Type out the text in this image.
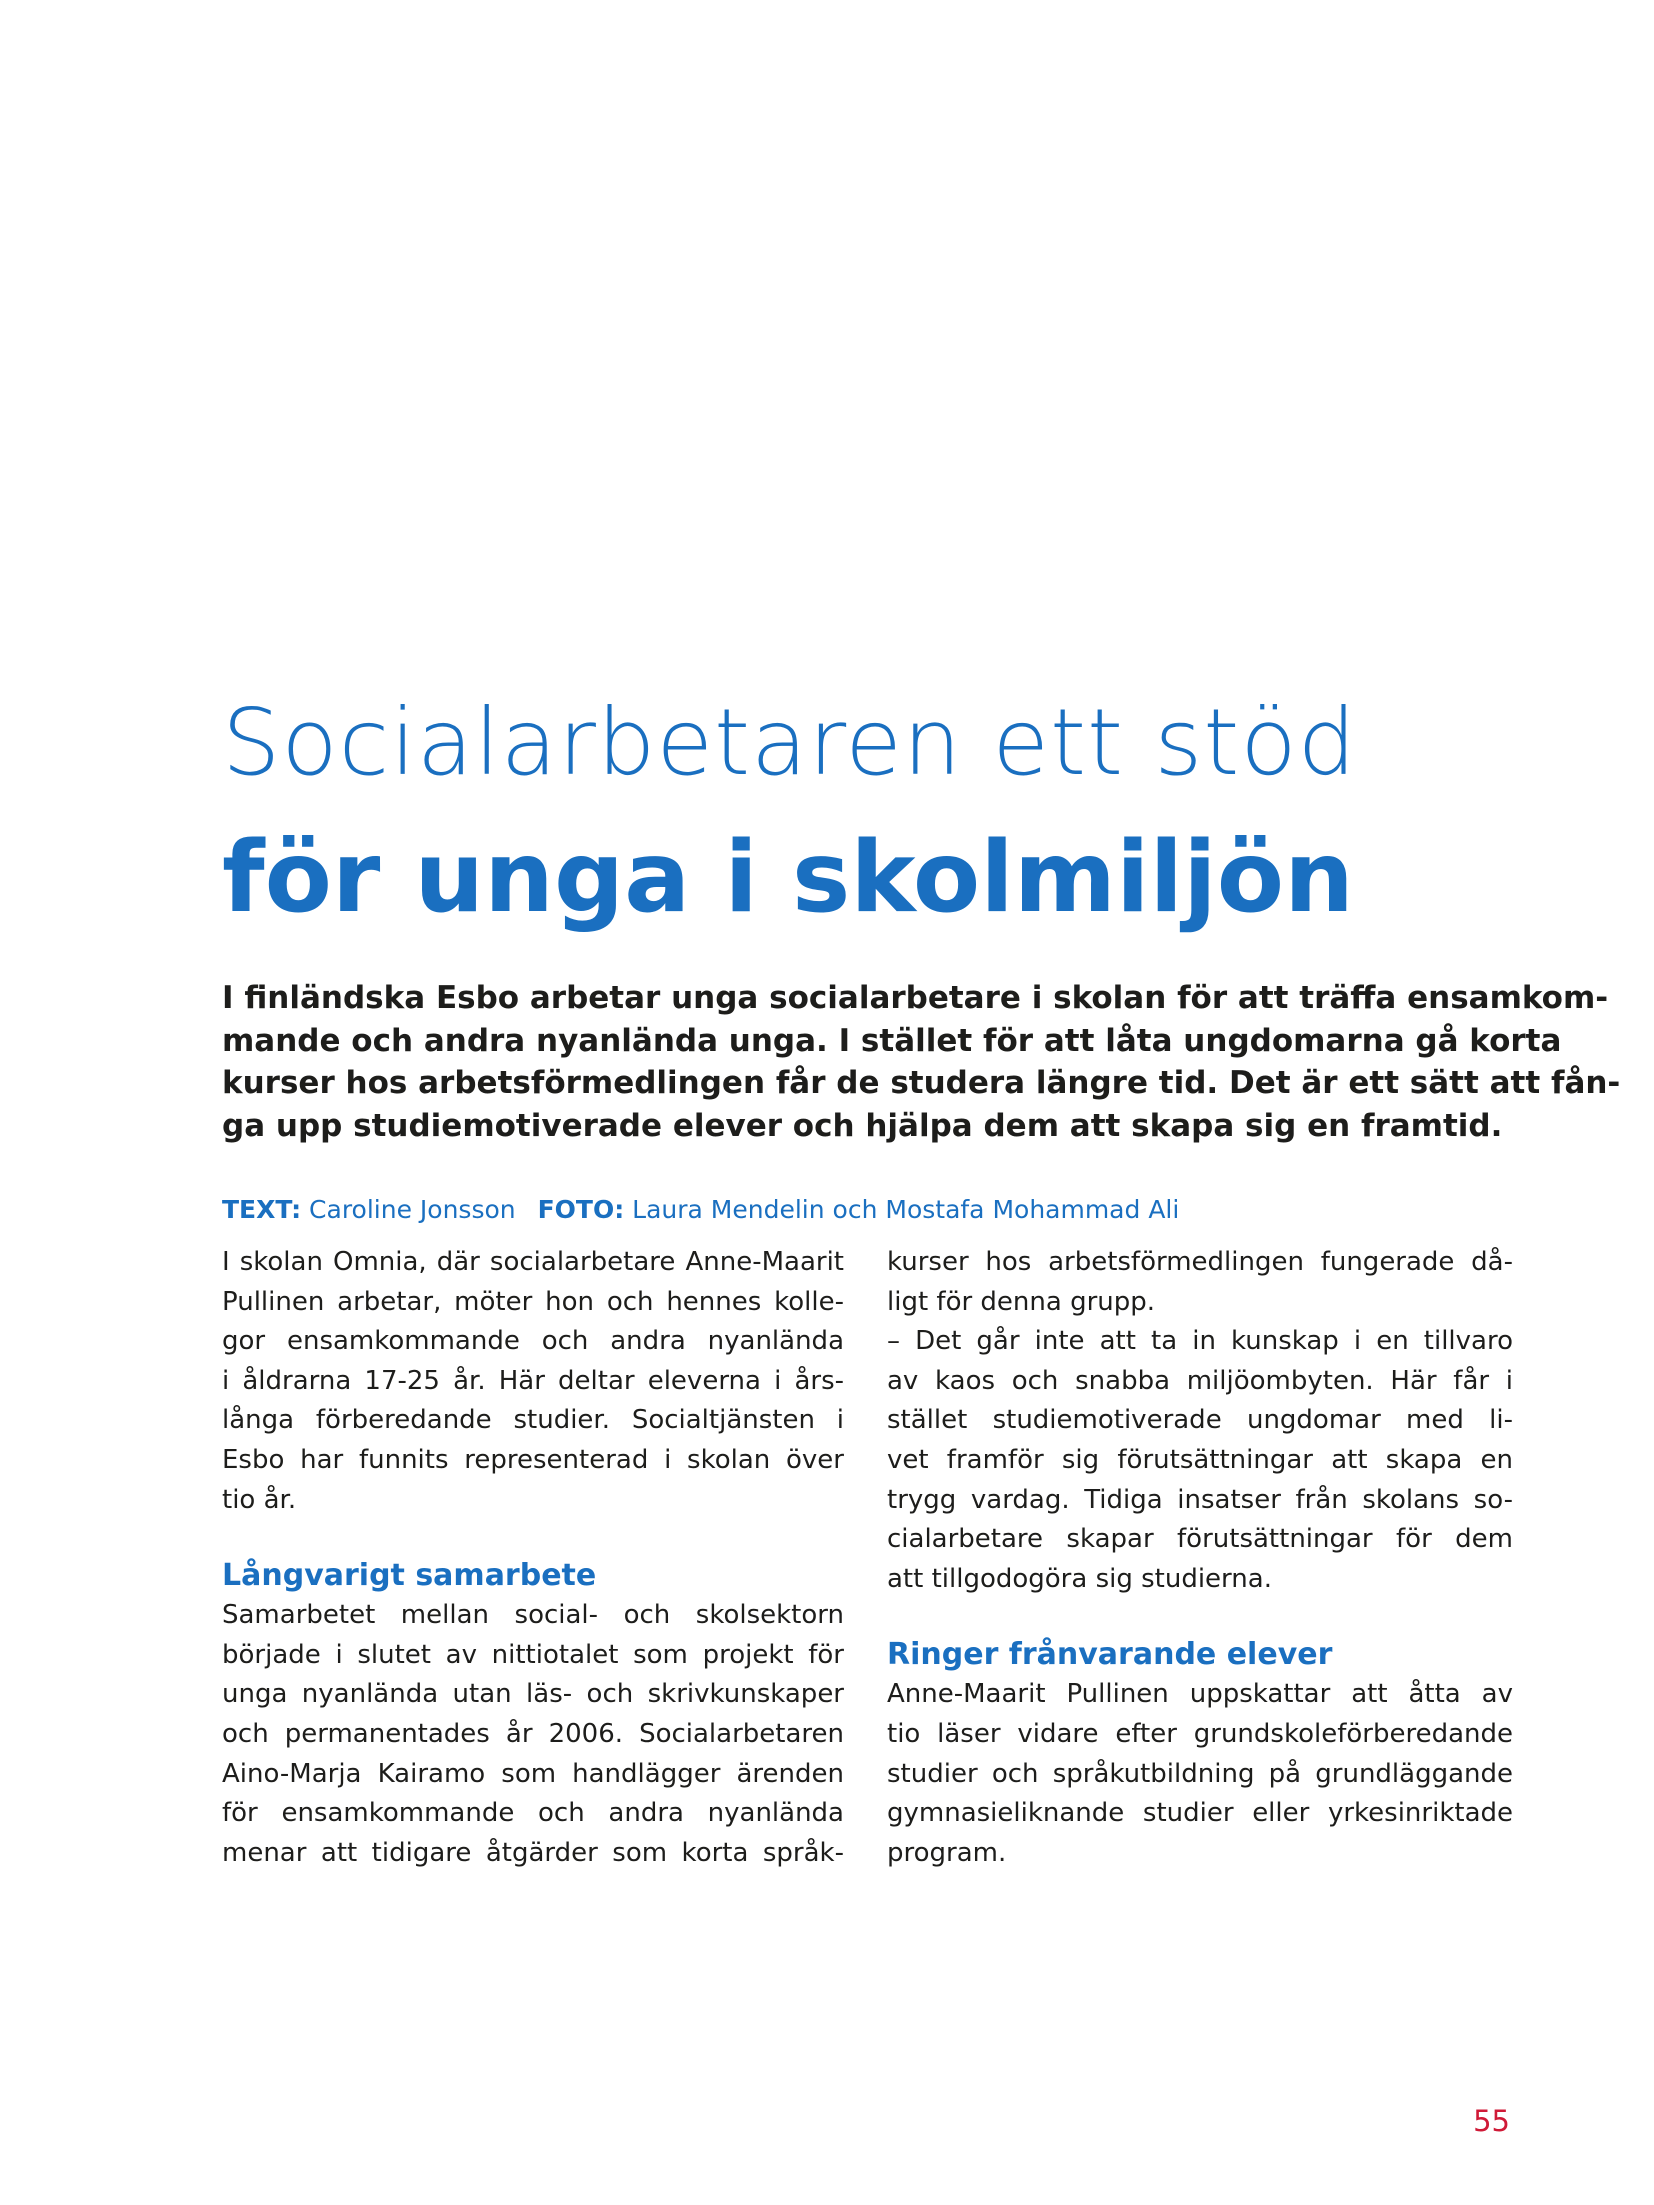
Socialarbetaren ett stöd
för unga i skolmiljön
I finländska Esbo arbetar unga socialarbetare i skolan för att träffa ensamkom-
mande och andra nyanlända unga. I stället för att låta ungdomarna gå korta
kurser hos arbetsförmedlingen får de studera längre tid. Det är ett sätt att fån-
ga upp studiemotiverade elever och hjälpa dem att skapa sig en framtid.
TEXT: Caroline Jonsson FOTO: Laura Mendelin och Mostafa Mohammad Ali
I skolan Omnia, där socialarbetare Anne-Maarit
Pullinen arbetar, möter hon och hennes kolle-
gor ensamkommande och andra nyanlända
i åldrarna 17-25 år. Här deltar eleverna i års-
långa förberedande studier. Socialtjänsten i
Esbo har funnits representerad i skolan över
tio år.
Långvarigt samarbete
Samarbetet mellan social- och skolsektorn
började i slutet av nittiotalet som projekt för
unga nyanlända utan läs- och skrivkunskaper
och permanentades år 2006. Socialarbetaren
Aino-Marja Kairamo som handlägger ärenden
för ensamkommande och andra nyanlända
menar att tidigare åtgärder som korta språk-
kurser hos arbetsförmedlingen fungerade då-
ligt för denna grupp.
– Det går inte att ta in kunskap i en tillvaro
av kaos och snabba miljöombyten. Här får i
stället studiemotiverade ungdomar med li-
vet framför sig förutsättningar att skapa en
trygg vardag. Tidiga insatser från skolans so-
cialarbetare skapar förutsättningar för dem
att tillgodogöra sig studierna.
Ringer frånvarande elever
Anne-Maarit Pullinen uppskattar att åtta av
tio läser vidare efter grundskoleförberedande
studier och språkutbildning på grundläggande
gymnasieliknande studier eller yrkesinriktade
program.
55
